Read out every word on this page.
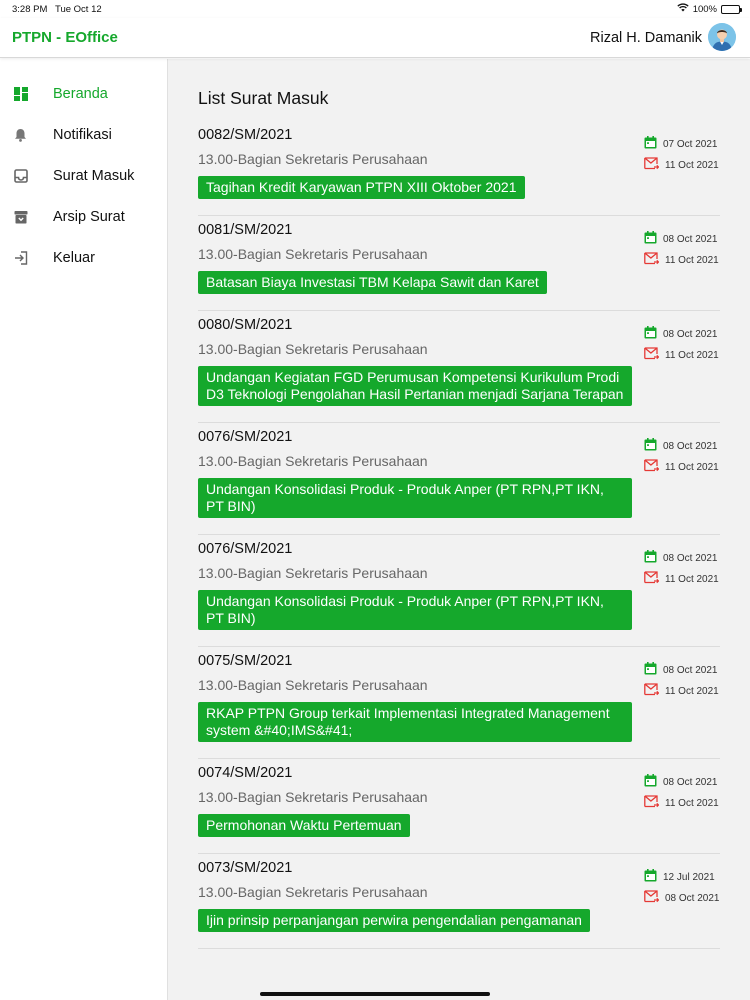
3:28 PM Tue Oct 12	100%
PTPN - EOffice	Rizal H. Damanik
Beranda
Notifikasi
Surat Masuk
Arsip Surat
Keluar
List Surat Masuk
0082/SM/2021
13.00-Bagian Sekretaris Perusahaan
Tagihan Kredit Karyawan PTPN XIII Oktober 2021
07 Oct 2021
11 Oct 2021
0081/SM/2021
13.00-Bagian Sekretaris Perusahaan
Batasan Biaya Investasi TBM Kelapa Sawit dan Karet
08 Oct 2021
11 Oct 2021
0080/SM/2021
13.00-Bagian Sekretaris Perusahaan
Undangan Kegiatan FGD Perumusan Kompetensi Kurikulum Prodi D3 Teknologi Pengolahan Hasil Pertanian menjadi Sarjana Terapan
08 Oct 2021
11 Oct 2021
0076/SM/2021
13.00-Bagian Sekretaris Perusahaan
Undangan Konsolidasi Produk - Produk Anper (PT RPN,PT IKN, PT BIN)
08 Oct 2021
11 Oct 2021
0076/SM/2021
13.00-Bagian Sekretaris Perusahaan
Undangan Konsolidasi Produk - Produk Anper (PT RPN,PT IKN, PT BIN)
08 Oct 2021
11 Oct 2021
0075/SM/2021
13.00-Bagian Sekretaris Perusahaan
RKAP PTPN Group terkait Implementasi Integrated Management system &#40;IMS&#41;
08 Oct 2021
11 Oct 2021
0074/SM/2021
13.00-Bagian Sekretaris Perusahaan
Permohonan Waktu Pertemuan
08 Oct 2021
11 Oct 2021
0073/SM/2021
13.00-Bagian Sekretaris Perusahaan
Ijin prinsip perpanjangan perwira pengendalian pengamanan
12 Jul 2021
08 Oct 2021
